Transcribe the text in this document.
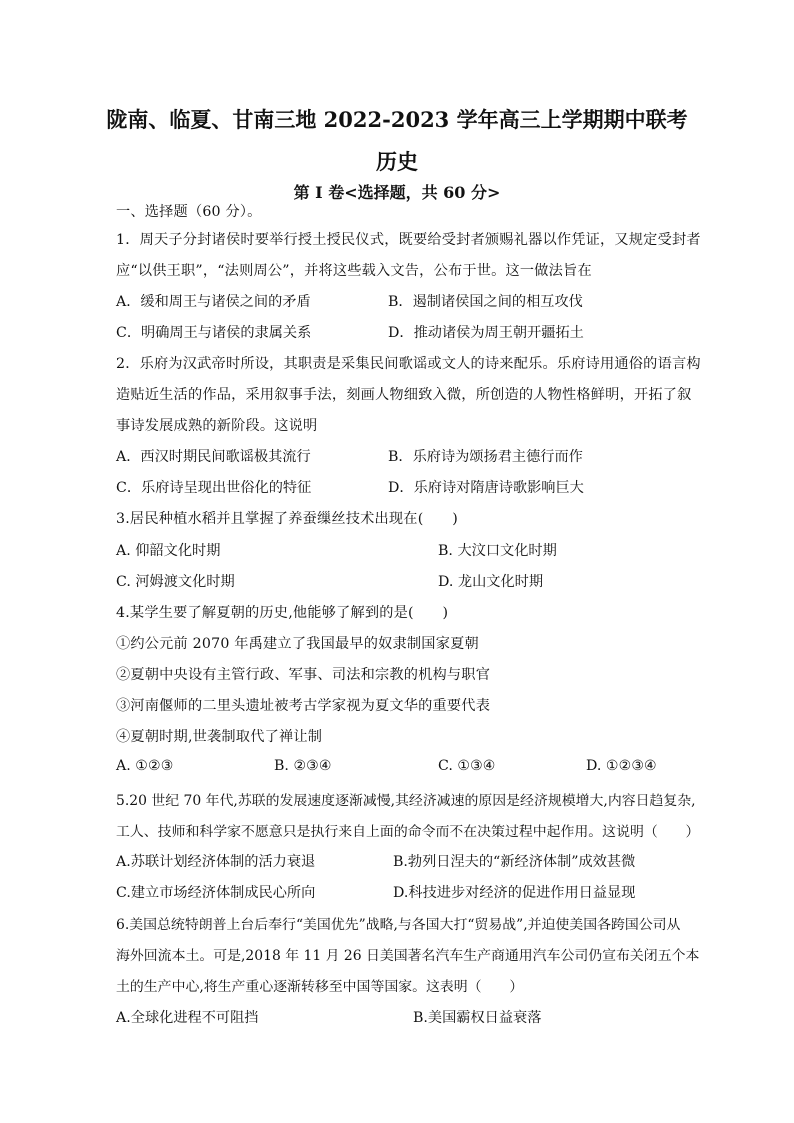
陇南、临夏、甘南三地 2022-2023 学年高三上学期期中联考
历史
第 I 卷<选择题，共 60 分>
一、选择题（60 分）。
1．周天子分封诸侯时要举行授土授民仪式，既要给受封者颁赐礼器以作凭证，又规定受封者
应“以供王职”，“法则周公”，并将这些载入文告，公布于世。这一做法旨在
A．缓和周王与诸侯之间的矛盾	B．遏制诸侯国之间的相互攻伐
C．明确周王与诸侯的隶属关系	D．推动诸侯为周王朝开疆拓土
2．乐府为汉武帝时所设，其职责是采集民间歌谣或文人的诗来配乐。乐府诗用通俗的语言构
造贴近生活的作品，采用叙事手法，刻画人物细致入微，所创造的人物性格鲜明，开拓了叙
事诗发展成熟的新阶段。这说明
A．西汉时期民间歌谣极其流行	B．乐府诗为颂扬君主德行而作
C．乐府诗呈现出世俗化的特征	D．乐府诗对隋唐诗歌影响巨大
3.居民种植水稻并且掌握了养蚕缫丝技术出现在(　　)
A. 仰韶文化时期	B. 大汶口文化时期
C. 河姆渡文化时期	D. 龙山文化时期
4.某学生要了解夏朝的历史,他能够了解到的是(　　)
①约公元前 2070 年禹建立了我国最早的奴隶制国家夏朝
②夏朝中央设有主管行政、军事、司法和宗教的机构与职官
③河南偃师的二里头遗址被考古学家视为夏文华的重要代表
④夏朝时期,世袭制取代了禅让制
A. ①②③	B. ②③④	C. ①③④	D. ①②③④
5.20 世纪 70 年代,苏联的发展速度逐渐减慢,其经济减速的原因是经济规模增大,内容日趋复杂,
工人、技师和科学家不愿意只是执行来自上面的命令而不在决策过程中起作用。这说明（　　）
A.苏联计划经济体制的活力衰退	B.勃列日涅夫的“新经济体制”成效甚微
C.建立市场经济体制成民心所向	D.科技进步对经济的促进作用日益显现
6.美国总统特朗普上台后奉行“美国优先”战略,与各国大打“贸易战”,并迫使美国各跨国公司从
海外回流本土。可是,2018 年 11 月 26 日美国著名汽车生产商通用汽车公司仍宣布关闭五个本
土的生产中心,将生产重心逐渐转移至中国等国家。这表明（　　）
A.全球化进程不可阻挡	B.美国霸权日益衰落
